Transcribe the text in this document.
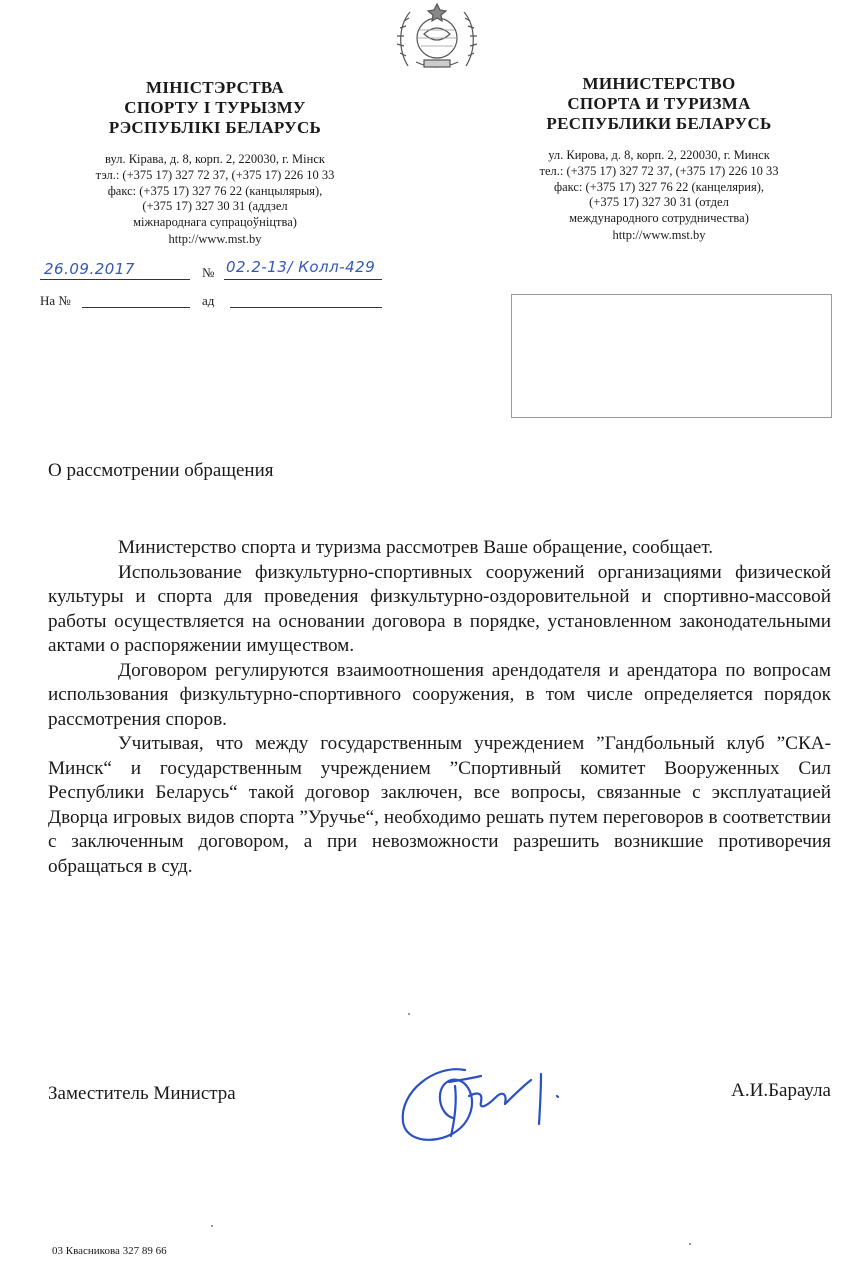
МІНІСТЭРСТВА
СПОРТУ І ТУРЫЗМУ
РЭСПУБЛІКІ БЕЛАРУСЬ
вул. Кірава, д. 8, корп. 2, 220030, г. Мінск
тэл.: (+375 17) 327 72 37, (+375 17) 226 10 33
факс: (+375 17) 327 76 22 (канцылярыя),
(+375 17) 327 30 31 (аддзел
міжнароднага супрацоўніцтва)
http://www.mst.by
МИНИСТЕРСТВО
СПОРТА И ТУРИЗМА
РЕСПУБЛИКИ БЕЛАРУСЬ
ул. Кирова, д. 8, корп. 2, 220030, г. Минск
тел.: (+375 17) 327 72 37, (+375 17) 226 10 33
факс: (+375 17) 327 76 22 (канцелярия),
(+375 17) 327 30 31 (отдел
международного сотрудничества)
http://www.mst.by
26.09.2017	№ 02.2-13/ Колл-429
На №	ад
О рассмотрении обращения

Министерство спорта и туризма рассмотрев Ваше обращение, сообщает.

Использование физкультурно-спортивных сооружений организациями физической культуры и спорта для проведения физкультурно-оздоровительной и спортивно-массовой работы осуществляется на основании договора в порядке, установленном законодательными актами о распоряжении имуществом.

Договором регулируются взаимоотношения арендодателя и арендатора по вопросам использования физкультурно-спортивного сооружения, в том числе определяется порядок рассмотрения споров.

Учитывая, что между государственным учреждением ”Гандбольный клуб ”СКА-Минск“ и государственным учреждением ”Спортивный комитет Вооруженных Сил Республики Беларусь“ такой договор заключен, все вопросы, связанные с эксплуатацией Дворца игровых видов спорта ”Уручье“, необходимо решать путем переговоров в соответствии с заключенным договором, а при невозможности разрешить возникшие противоречия обращаться в суд.

Заместитель Министра	А.И.Бараула
03 Квасникова 327 89 66
